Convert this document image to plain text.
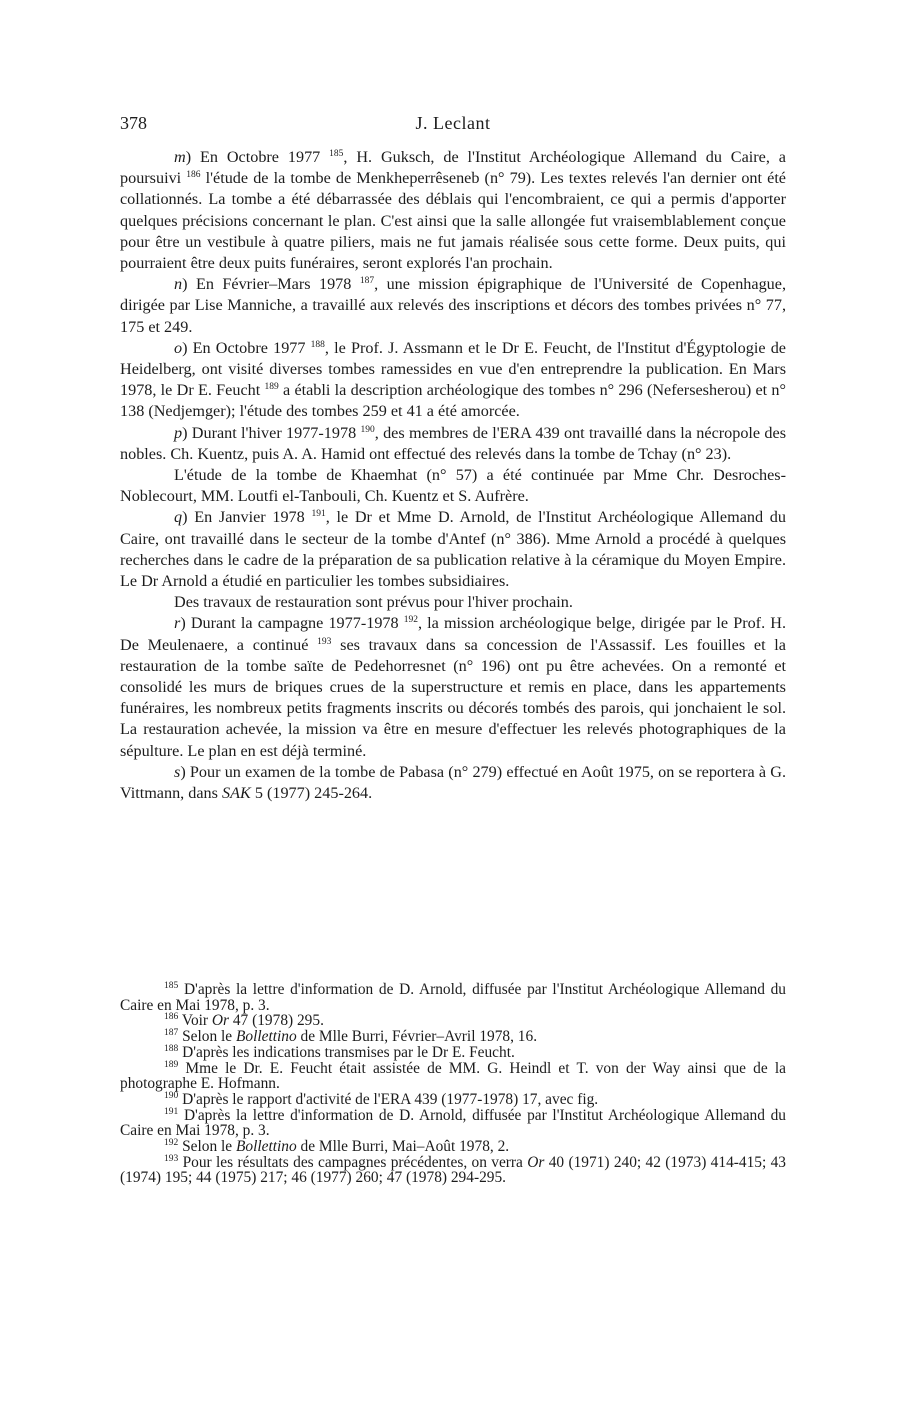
378	J. Leclant

m) En Octobre 1977 $^{185}$, H. Guksch, de l'Institut Archéologique Allemand du Caire, a poursuivi $^{186}$ l'étude de la tombe de Menkheperrêseneb (n° 79). Les textes relevés l'an dernier ont été collationnés. La tombe a été débarrassée des déblais qui l'encombraient, ce qui a permis d'apporter quelques précisions concernant le plan. C'est ainsi que la salle allongée fut vraisemblablement conçue pour être un vestibule à quatre piliers, mais ne fut jamais réalisée sous cette forme. Deux puits, qui pourraient être deux puits funéraires, seront explorés l'an prochain.

n) En Février–Mars 1978 $^{187}$, une mission épigraphique de l'Université de Copenhague, dirigée par Lise Manniche, a travaillé aux relevés des inscriptions et décors des tombes privées n° 77, 175 et 249.

o) En Octobre 1977 $^{188}$, le Prof. J. Assmann et le Dr E. Feucht, de l'Institut d'Égyptologie de Heidelberg, ont visité diverses tombes ramessides en vue d'en entreprendre la publication. En Mars 1978, le Dr E. Feucht $^{189}$ a établi la description archéologique des tombes n° 296 (Nefersesherou) et n° 138 (Nedjemger); l'étude des tombes 259 et 41 a été amorcée.

p) Durant l'hiver 1977-1978 $^{190}$, des membres de l'ERA 439 ont travaillé dans la nécropole des nobles. Ch. Kuentz, puis A. A. Hamid ont effectué des relevés dans la tombe de Tchay (n° 23).

L'étude de la tombe de Khaemhat (n° 57) a été continuée par Mme Chr. Desroches-Noblecourt, MM. Loutfi el-Tanbouli, Ch. Kuentz et S. Aufrère.

q) En Janvier 1978 $^{191}$, le Dr et Mme D. Arnold, de l'Institut Archéologique Allemand du Caire, ont travaillé dans le secteur de la tombe d'Antef (n° 386). Mme Arnold a procédé à quelques recherches dans le cadre de la préparation de sa publication relative à la céramique du Moyen Empire. Le Dr Arnold a étudié en particulier les tombes subsidiaires.

Des travaux de restauration sont prévus pour l'hiver prochain.

r) Durant la campagne 1977-1978 $^{192}$, la mission archéologique belge, dirigée par le Prof. H. De Meulenaere, a continué $^{193}$ ses travaux dans sa concession de l'Assassif. Les fouilles et la restauration de la tombe saïte de Pedehorresnet (n° 196) ont pu être achevées. On a remonté et consolidé les murs de briques crues de la superstructure et remis en place, dans les appartements funéraires, les nombreux petits fragments inscrits ou décorés tombés des parois, qui jonchaient le sol. La restauration achevée, la mission va être en mesure d'effectuer les relevés photographiques de la sépulture. Le plan en est déjà terminé.

s) Pour un examen de la tombe de Pabasa (n° 279) effectué en Août 1975, on se reportera à G. Vittmann, dans SAK 5 (1977) 245-264.

$^{185}$ D'après la lettre d'information de D. Arnold, diffusée par l'Institut Archéologique Allemand du Caire en Mai 1978, p. 3.

$^{186}$ Voir Or 47 (1978) 295.

$^{187}$ Selon le Bollettino de Mlle Burri, Février–Avril 1978, 16.

$^{188}$ D'après les indications transmises par le Dr E. Feucht.

$^{189}$ Mme le Dr. E. Feucht était assistée de MM. G. Heindl et T. von der Way ainsi que de la photographe E. Hofmann.

$^{190}$ D'après le rapport d'activité de l'ERA 439 (1977-1978) 17, avec fig.

$^{191}$ D'après la lettre d'information de D. Arnold, diffusée par l'Institut Archéologique Allemand du Caire en Mai 1978, p. 3.

$^{192}$ Selon le Bollettino de Mlle Burri, Mai–Août 1978, 2.

$^{193}$ Pour les résultats des campagnes précédentes, on verra Or 40 (1971) 240; 42 (1973) 414-415; 43 (1974) 195; 44 (1975) 217; 46 (1977) 260; 47 (1978) 294-295.
